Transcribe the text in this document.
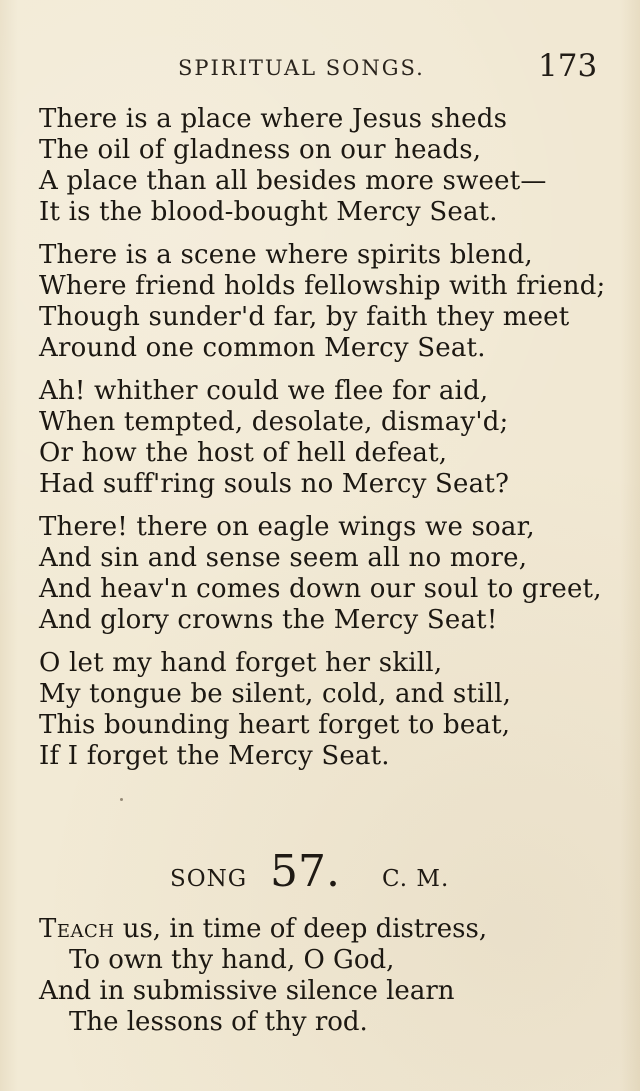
SPIRITUAL SONGS.	173
There is a place where Jesus sheds
The oil of gladness on our heads,
A place than all besides more sweet—
It is the blood-bought Mercy Seat.
There is a scene where spirits blend,
Where friend holds fellowship with friend;
Though sunder'd far, by faith they meet
Around one common Mercy Seat.
Ah! whither could we flee for aid,
When tempted, desolate, dismay'd;
Or how the host of hell defeat,
Had suff'ring souls no Mercy Seat?
There! there on eagle wings we soar,
And sin and sense seem all no more,
And heav'n comes down our soul to greet,
And glory crowns the Mercy Seat!
O let my hand forget her skill,
My tongue be silent, cold, and still,
This bounding heart forget to beat,
If I forget the Mercy Seat.
SONG 57. C. M.
Teach us, in time of deep distress,
To own thy hand, O God,
And in submissive silence learn
The lessons of thy rod.
